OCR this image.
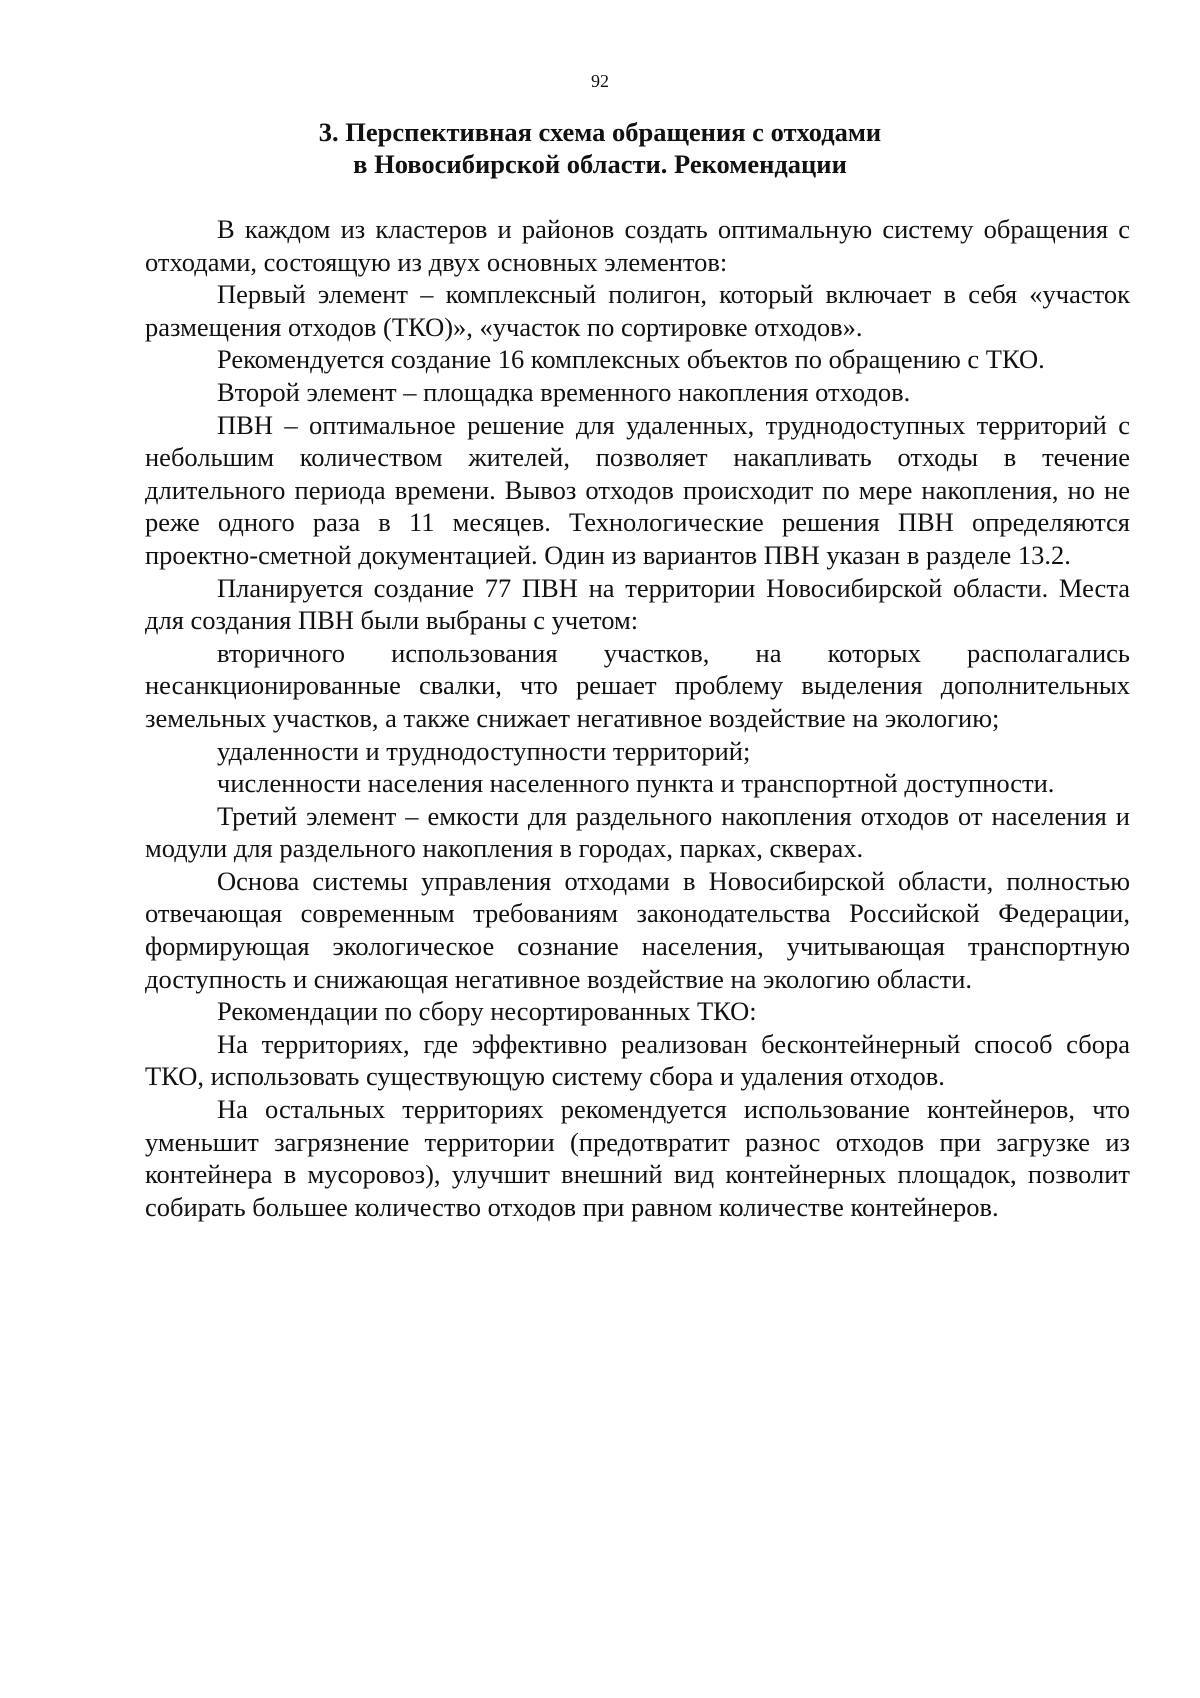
92
3. Перспективная схема обращения с отходами
в Новосибирской области. Рекомендации

В каждом из кластеров и районов создать оптимальную систему обращения с отходами, состоящую из двух основных элементов:

Первый элемент – комплексный полигон, который включает в себя «участок размещения отходов (ТКО)», «участок по сортировке отходов».

Рекомендуется создание 16 комплексных объектов по обращению с ТКО.

Второй элемент – площадка временного накопления отходов.

ПВН – оптимальное решение для удаленных, труднодоступных территорий с небольшим количеством жителей, позволяет накапливать отходы в течение длительного периода времени. Вывоз отходов происходит по мере накопления, но не реже одного раза в 11 месяцев. Технологические решения ПВН определяются проектно-сметной документацией. Один из вариантов ПВН указан в разделе 13.2.

Планируется создание 77 ПВН на территории Новосибирской области. Места для создания ПВН были выбраны с учетом:

вторичного использования участков, на которых располагались несанкционированные свалки, что решает проблему выделения дополнительных земельных участков, а также снижает негативное воздействие на экологию;

удаленности и труднодоступности территорий;

численности населения населенного пункта и транспортной доступности.

Третий элемент – емкости для раздельного накопления отходов от населения и модули для раздельного накопления в городах, парках, скверах.

Основа системы управления отходами в Новосибирской области, полностью отвечающая современным требованиям законодательства Российской Федерации, формирующая экологическое сознание населения, учитывающая транспортную доступность и снижающая негативное воздействие на экологию области.

Рекомендации по сбору несортированных ТКО:

На территориях, где эффективно реализован бесконтейнерный способ сбора ТКО, использовать существующую систему сбора и удаления отходов.

На остальных территориях рекомендуется использование контейнеров, что уменьшит загрязнение территории (предотвратит разнос отходов при загрузке из контейнера в мусоровоз), улучшит внешний вид контейнерных площадок, позволит собирать большее количество отходов при равном количестве контейнеров.
